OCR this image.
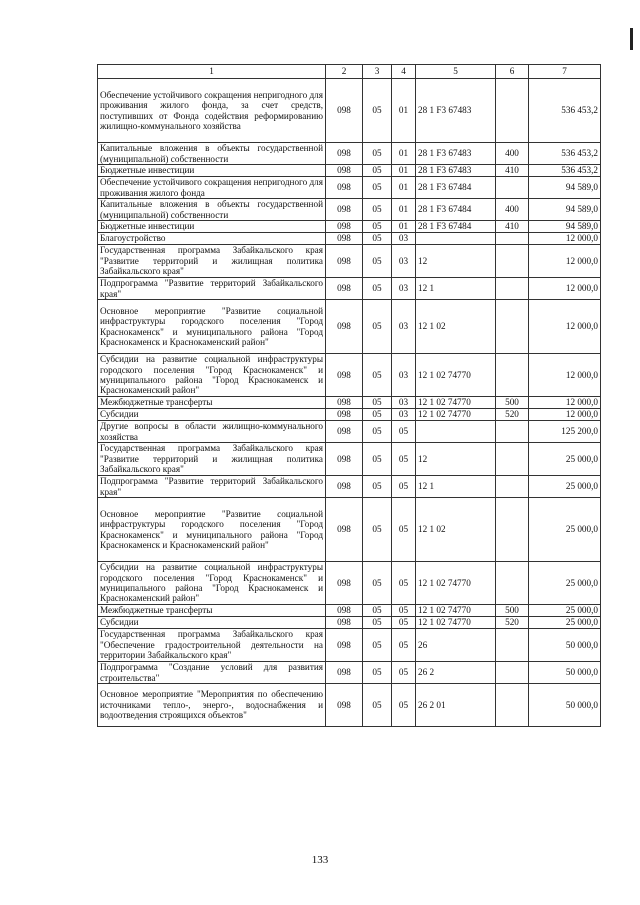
1	2	3	4	5	6	7
Обеспечение устойчивого сокращения непригодного для проживания жилого фонда, за счет средств, поступивших от Фонда содействия реформированию жилищно-коммунального хозяйства	098	05	01	28 1 F3 67483		536 453,2
Капитальные вложения в объекты государственной (муниципальной) собственности	098	05	01	28 1 F3 67483	400	536 453,2
Бюджетные инвестиции	098	05	01	28 1 F3 67483	410	536 453,2
Обеспечение устойчивого сокращения непригодного для проживания жилого фонда	098	05	01	28 1 F3 67484		94 589,0
Капитальные вложения в объекты государственной (муниципальной) собственности	098	05	01	28 1 F3 67484	400	94 589,0
Бюджетные инвестиции	098	05	01	28 1 F3 67484	410	94 589,0
Благоустройство	098	05	03			12 000,0
Государственная программа Забайкальского края "Развитие территорий и жилищная политика Забайкальского края"	098	05	03	12		12 000,0
Подпрограмма "Развитие территорий Забайкальского края"	098	05	03	12 1		12 000,0
Основное мероприятие "Развитие социальной инфраструктуры городского поселения "Город Краснокаменск" и муниципального района "Город Краснокаменск и Краснокаменский район"	098	05	03	12 1 02		12 000,0
Субсидии на развитие социальной инфраструктуры городского поселения "Город Краснокаменск" и муниципального района "Город Краснокаменск и Краснокаменский район"	098	05	03	12 1 02 74770		12 000,0
Межбюджетные трансферты	098	05	03	12 1 02 74770	500	12 000,0
Субсидии	098	05	03	12 1 02 74770	520	12 000,0
Другие вопросы в области жилищно-коммунального хозяйства	098	05	05			125 200,0
Государственная программа Забайкальского края "Развитие территорий и жилищная политика Забайкальского края"	098	05	05	12		25 000,0
Подпрограмма "Развитие территорий Забайкальского края"	098	05	05	12 1		25 000,0
Основное мероприятие "Развитие социальной инфраструктуры городского поселения "Город Краснокаменск" и муниципального района "Город Краснокаменск и Краснокаменский район"	098	05	05	12 1 02		25 000,0
Субсидии на развитие социальной инфраструктуры городского поселения "Город Краснокаменск" и муниципального района "Город Краснокаменск и Краснокаменский район"	098	05	05	12 1 02 74770		25 000,0
Межбюджетные трансферты	098	05	05	12 1 02 74770	500	25 000,0
Субсидии	098	05	05	12 1 02 74770	520	25 000,0
Государственная программа Забайкальского края "Обеспечение градостроительной деятельности на территории Забайкальского края"	098	05	05	26		50 000,0
Подпрограмма "Создание условий для развития строительства"	098	05	05	26 2		50 000,0
Основное мероприятие "Мероприятия по обеспечению источниками тепло-, энерго-, водоснабжения и водоотведения строящихся объектов"	098	05	05	26 2 01		50 000,0
133
